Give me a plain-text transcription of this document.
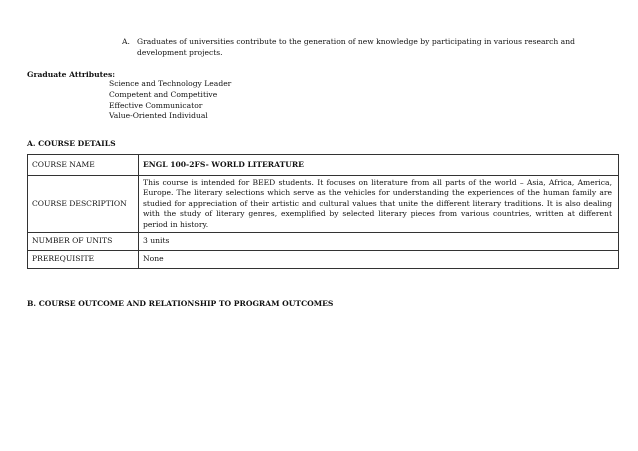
A. Graduates of universities contribute to the generation of new knowledge by participating in various research and development projects.
Graduate Attributes:
Science and Technology Leader
Competent and Competitive
Effective Communicator
Value-Oriented Individual
A. COURSE DETAILS
COURSE NAME	ENGL 100-2FS- WORLD LITERATURE
COURSE DESCRIPTION	This course is intended for BEED students. It focuses on literature from all parts of the world – Asia, Africa, America, Europe. The literary selections which serve as the vehicles for understanding the experiences of the human family are studied for appreciation of their artistic and cultural values that unite the different literary traditions. It is also dealing with the study of literary genres, exemplified by selected literary pieces from various countries, written at different period in history.
NUMBER OF UNITS	3 units
PREREQUISITE	None
B. COURSE OUTCOME AND RELATIONSHIP TO PROGRAM OUTCOMES
